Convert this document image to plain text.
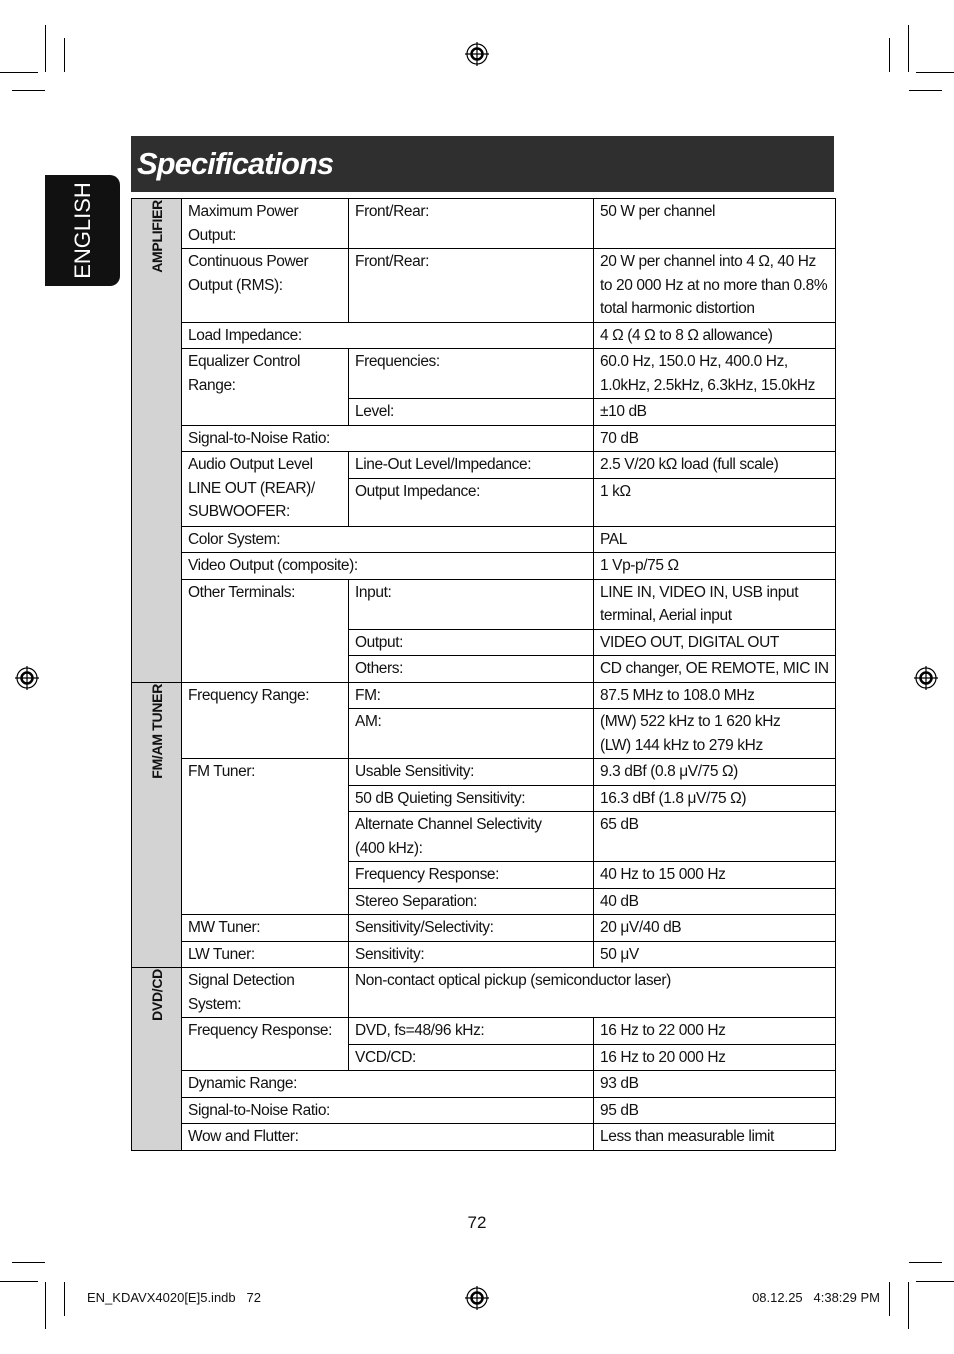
ENGLISH
Specifications
AMPLIFIER	Maximum Power Output:	Front/Rear:	50 W per channel
	Continuous Power Output (RMS):	Front/Rear:	20 W per channel into 4 Ω, 40 Hz to 20 000 Hz at no more than 0.8% total harmonic distortion
	Load Impedance:		4 Ω (4 Ω to 8 Ω allowance)
	Equalizer Control Range:	Frequencies:	60.0 Hz, 150.0 Hz, 400.0 Hz, 1.0kHz, 2.5kHz, 6.3kHz, 15.0kHz
		Level:	±10 dB
	Signal-to-Noise Ratio:		70 dB
	Audio Output Level LINE OUT (REAR)/ SUBWOOFER:	Line-Out Level/Impedance:	2.5 V/20 kΩ load (full scale)
		Output Impedance:	1 kΩ
	Color System:		PAL
	Video Output (composite):		1 Vp-p/75 Ω
	Other Terminals:	Input:	LINE IN, VIDEO IN, USB input terminal, Aerial input
		Output:	VIDEO OUT, DIGITAL OUT
		Others:	CD changer, OE REMOTE, MIC IN
FM/AM TUNER	Frequency Range:	FM:	87.5 MHz to 108.0 MHz
		AM:	(MW) 522 kHz to 1 620 kHz
(LW) 144 kHz to 279 kHz

	FM Tuner:	Usable Sensitivity:	9.3 dBf (0.8 μV/75 Ω)
		50 dB Quieting Sensitivity:	16.3 dBf (1.8 μV/75 Ω)

		Alternate Channel Selectivity
(400 kHz):	65 dB
		Frequency Response:	40 Hz to 15 000 Hz
		Stereo Separation:	40 dB
	MW Tuner:	Sensitivity/Selectivity:	20 μV/40 dB
	LW Tuner:	Sensitivity:	50 μV
DVD/CD	Signal Detection System:	Non-contact optical pickup (semiconductor laser)	
	Frequency Response:	DVD, fs=48/96 kHz:	16 Hz to 22 000 Hz
		VCD/CD:	16 Hz to 20 000 Hz
	Dynamic Range:		93 dB
	Signal-to-Noise Ratio:		95 dB
	Wow and Flutter:		Less than measurable limit
72
EN_KDAVX4020[E]5.indb   72	08.12.25   4:38:29 PM
